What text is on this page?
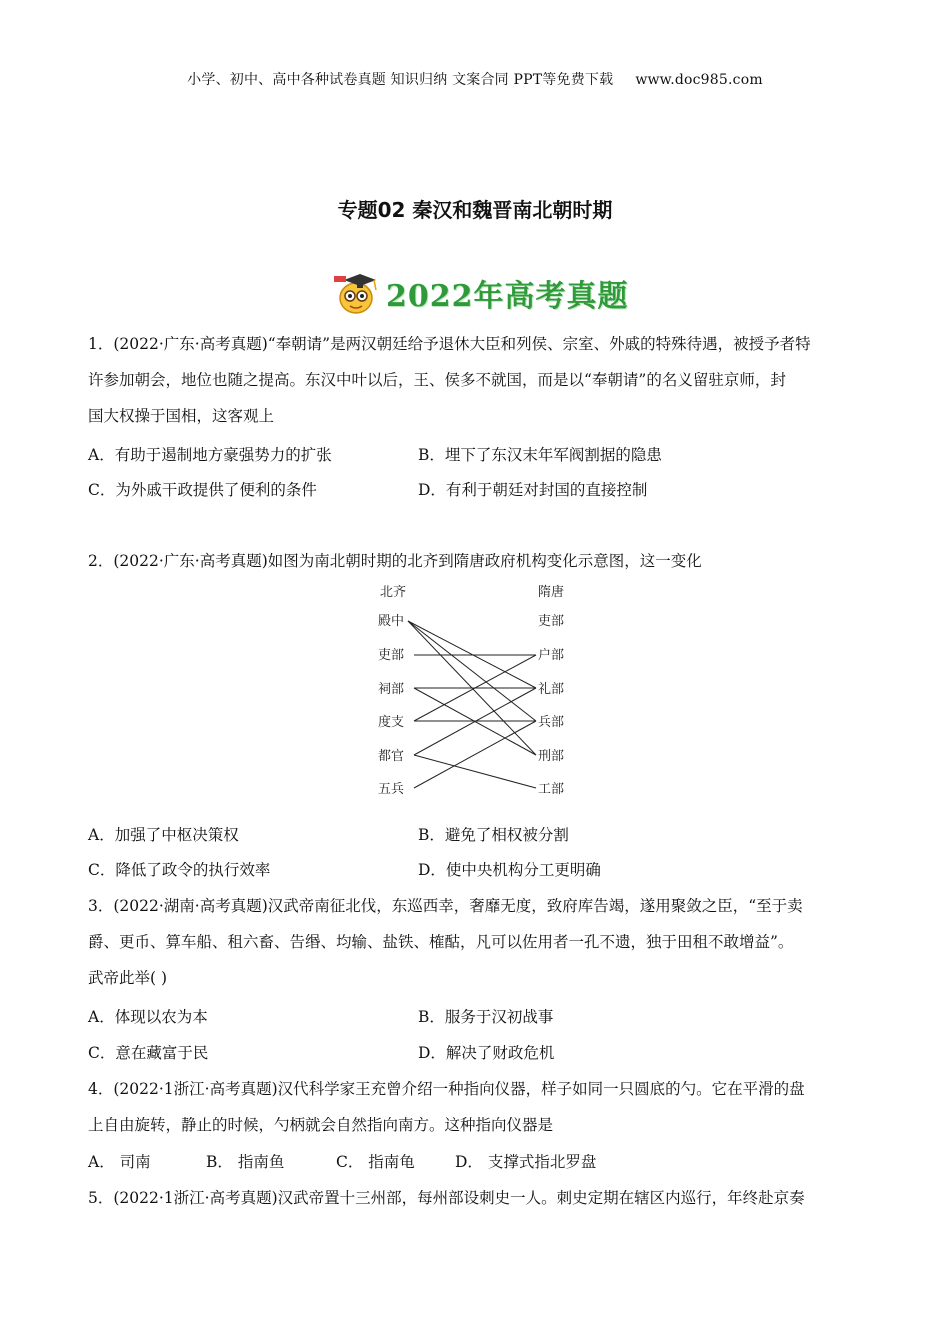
小学、初中、高中各种试卷真题 知识归纳 文案合同 PPT等免费下载 www.doc985.com
专题02 秦汉和魏晋南北朝时期
2022年高考真题

1．(2022·广东·高考真题)“奉朝请”是两汉朝廷给予退休大臣和列侯、宗室、外戚的特殊待遇，被授予者特

许参加朝会，地位也随之提高。东汉中叶以后，王、侯多不就国，而是以“奉朝请”的名义留驻京师，封

国大权操于国相，这客观上

A．有助于遏制地方豪强势力的扩张	B．埋下了东汉末年军阀割据的隐患
C．为外戚干政提供了便利的条件	D．有利于朝廷对封国的直接控制
2．(2022·广东·高考真题)如图为南北朝时期的北齐到隋唐政府机构变化示意图，这一变化
北齐	隋唐
殿中
吏部
祠部
度支
都官
五兵
吏部
户部
礼部
兵部
刑部
工部
A．加强了中枢决策权	B．避免了相权被分割
C．降低了政令的执行效率	D．使中央机构分工更明确

3．(2022·湖南·高考真题)汉武帝南征北伐，东巡西幸，奢靡无度，致府库告竭，遂用聚敛之臣，“至于卖

爵、更币、算车船、租六畜、告缗、均输、盐铁、榷酤，凡可以佐用者一孔不遗，独于田租不敢增益”。

武帝此举( )

A．体现以农为本	B．服务于汉初战事
C．意在藏富于民	D．解决了财政危机

4．(2022·1浙江·高考真题)汉代科学家王充曾介绍一种指向仪器，样子如同一只圆底的勺。它在平滑的盘

上自由旋转，静止的时候，勺柄就会自然指向南方。这种指向仪器是

A． 司南	B． 指南鱼	C． 指南龟	D． 支撑式指北罗盘
5．(2022·1浙江·高考真题)汉武帝置十三州部，每州部设刺史一人。刺史定期在辖区内巡行，年终赴京奏
